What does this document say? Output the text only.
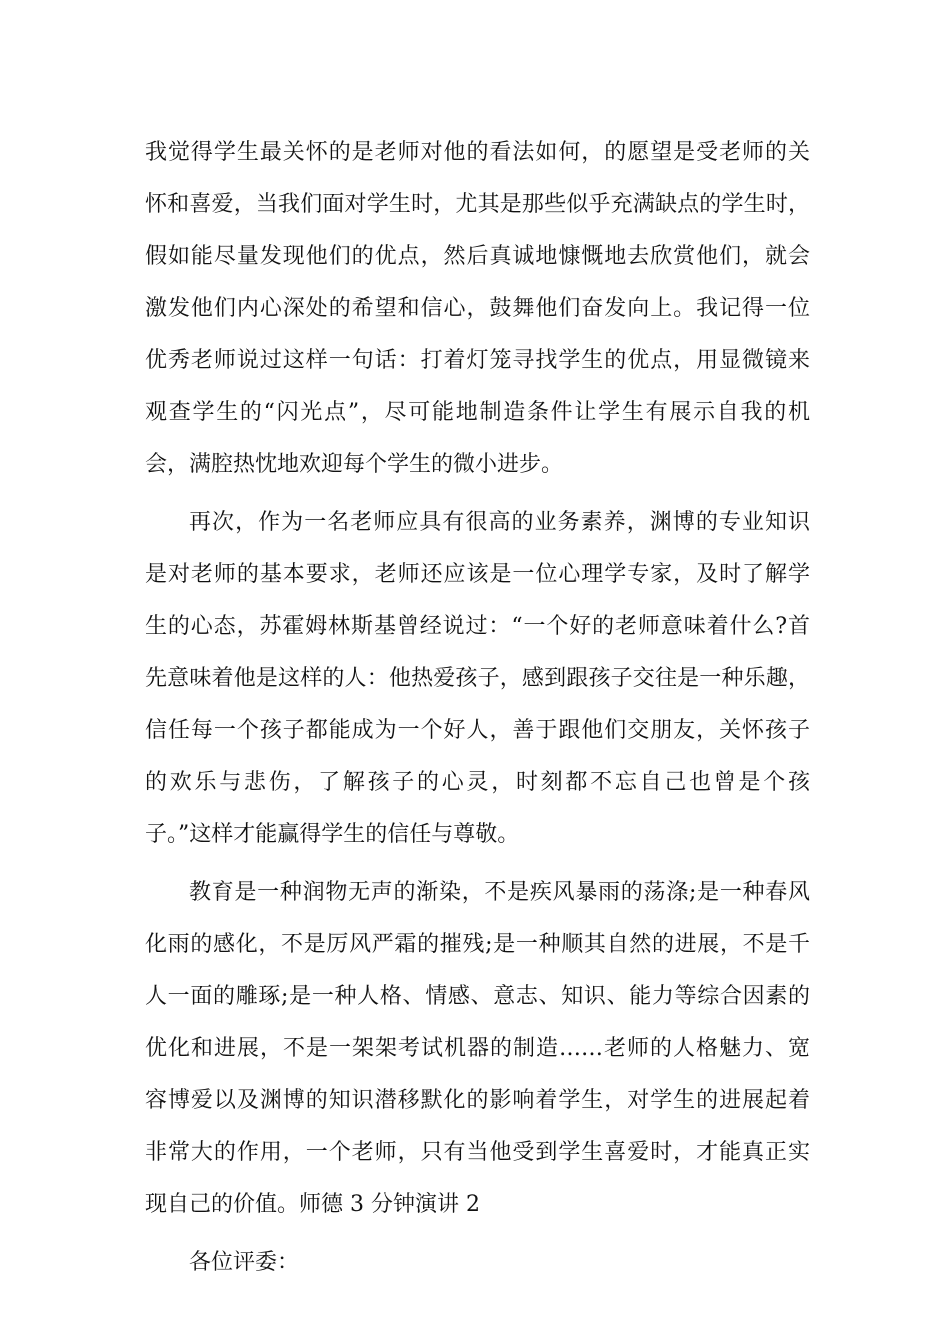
我觉得学生最关怀的是老师对他的看法如何，的愿望是受老师的关
怀和喜爱，当我们面对学生时，尤其是那些似乎充满缺点的学生时，
假如能尽量发现他们的优点，然后真诚地慷慨地去欣赏他们，就会
激发他们内心深处的希望和信心，鼓舞他们奋发向上。我记得一位
优秀老师说过这样一句话：打着灯笼寻找学生的优点，用显微镜来
观查学生的“闪光点”，尽可能地制造条件让学生有展示自我的机
会，满腔热忱地欢迎每个学生的微小进步。
再次，作为一名老师应具有很高的业务素养，渊博的专业知识
是对老师的基本要求，老师还应该是一位心理学专家，及时了解学
生的心态，苏霍姆林斯基曾经说过：“一个好的老师意味着什么?首
先意味着他是这样的人：他热爱孩子，感到跟孩子交往是一种乐趣，
信任每一个孩子都能成为一个好人，善于跟他们交朋友，关怀孩子
的欢乐与悲伤，了解孩子的心灵，时刻都不忘自己也曾是个孩
子。”这样才能赢得学生的信任与尊敬。
教育是一种润物无声的渐染，不是疾风暴雨的荡涤;是一种春风
化雨的感化，不是厉风严霜的摧残;是一种顺其自然的进展，不是千
人一面的雕琢;是一种人格、情感、意志、知识、能力等综合因素的
优化和进展，不是一架架考试机器的制造……老师的人格魅力、宽
容博爱以及渊博的知识潜移默化的影响着学生，对学生的进展起着
非常大的作用，一个老师，只有当他受到学生喜爱时，才能真正实
现自己的价值。师德 3 分钟演讲 2
各位评委：
